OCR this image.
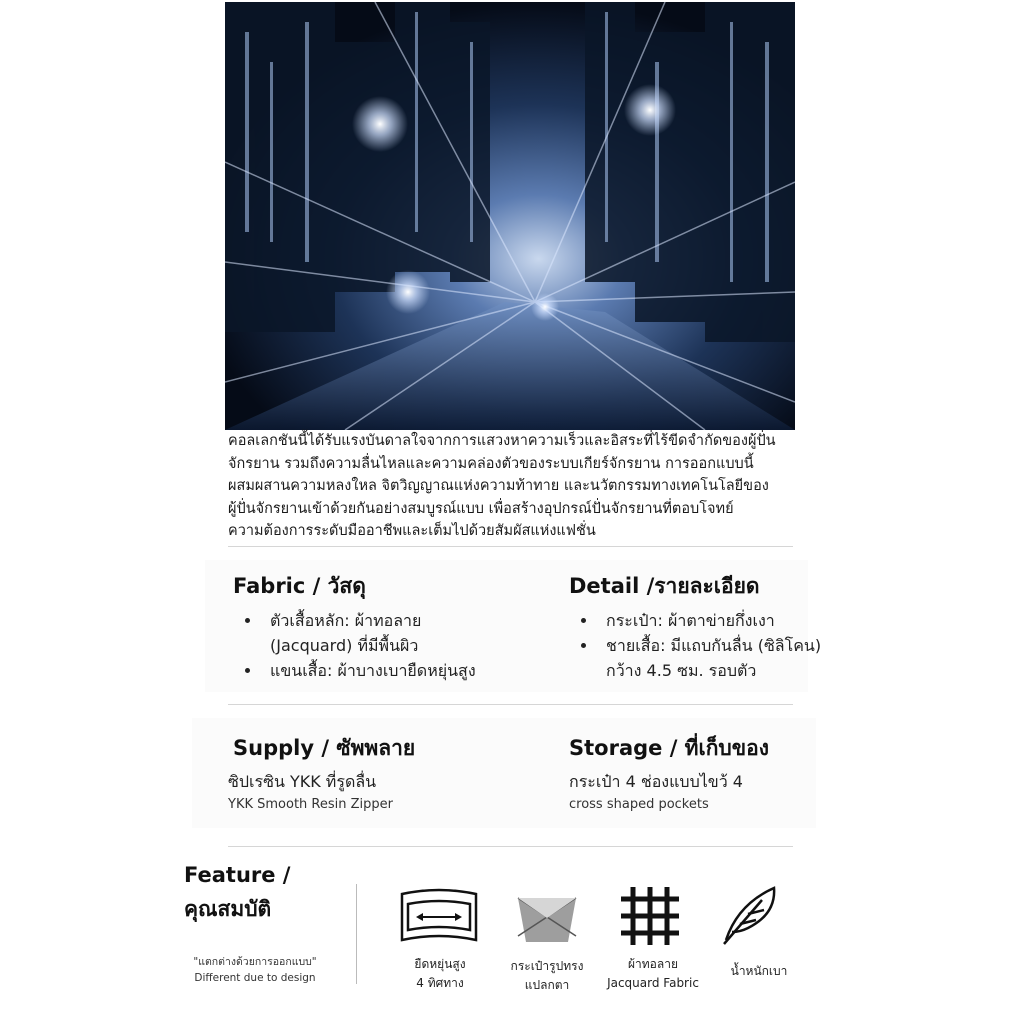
คอลเลกชันนี้ได้รับแรงบันดาลใจจากการแสวงหาความเร็วและอิสระที่ไร้ขีดจำกัดของผู้ปั่น
จักรยาน รวมถึงความลื่นไหลและความคล่องตัวของระบบเกียร์จักรยาน การออกแบบนี้
ผสมผสานความหลงใหล จิตวิญญาณแห่งความท้าทาย และนวัตกรรมทางเทคโนโลยีของ
ผู้ปั่นจักรยานเข้าด้วยกันอย่างสมบูรณ์แบบ เพื่อสร้างอุปกรณ์ปั่นจักรยานที่ตอบโจทย์
ความต้องการระดับมืออาชีพและเต็มไปด้วยสัมผัสแห่งแฟชั่น
Fabric / วัสดุ
• ตัวเสื้อหลัก: ผ้าทอลาย
(Jacquard) ที่มีพื้นผิว
• แขนเสื้อ: ผ้าบางเบายืดหยุ่นสูง
Detail /รายละเอียด
• กระเป๋า: ผ้าตาข่ายกึ่งเงา
• ชายเสื้อ: มีแถบกันลื่น (ซิลิโคน)
กว้าง 4.5 ซม. รอบตัว
Supply / ซัพพลาย
ซิปเรซิน YKK ที่รูดลื่น
YKK Smooth Resin Zipper
Storage / ที่เก็บของ
กระเป๋า 4 ช่องแบบไขว้ 4
cross shaped pockets
Feature /
คุณสมบัติ
"แตกต่างด้วยการออกแบบ"
Different due to design
ยืดหยุ่นสูง
4 ทิศทาง
กระเป๋ารูปทรง
แปลกตา
ผ้าทอลาย
Jacquard Fabric
น้ำหนักเบา
